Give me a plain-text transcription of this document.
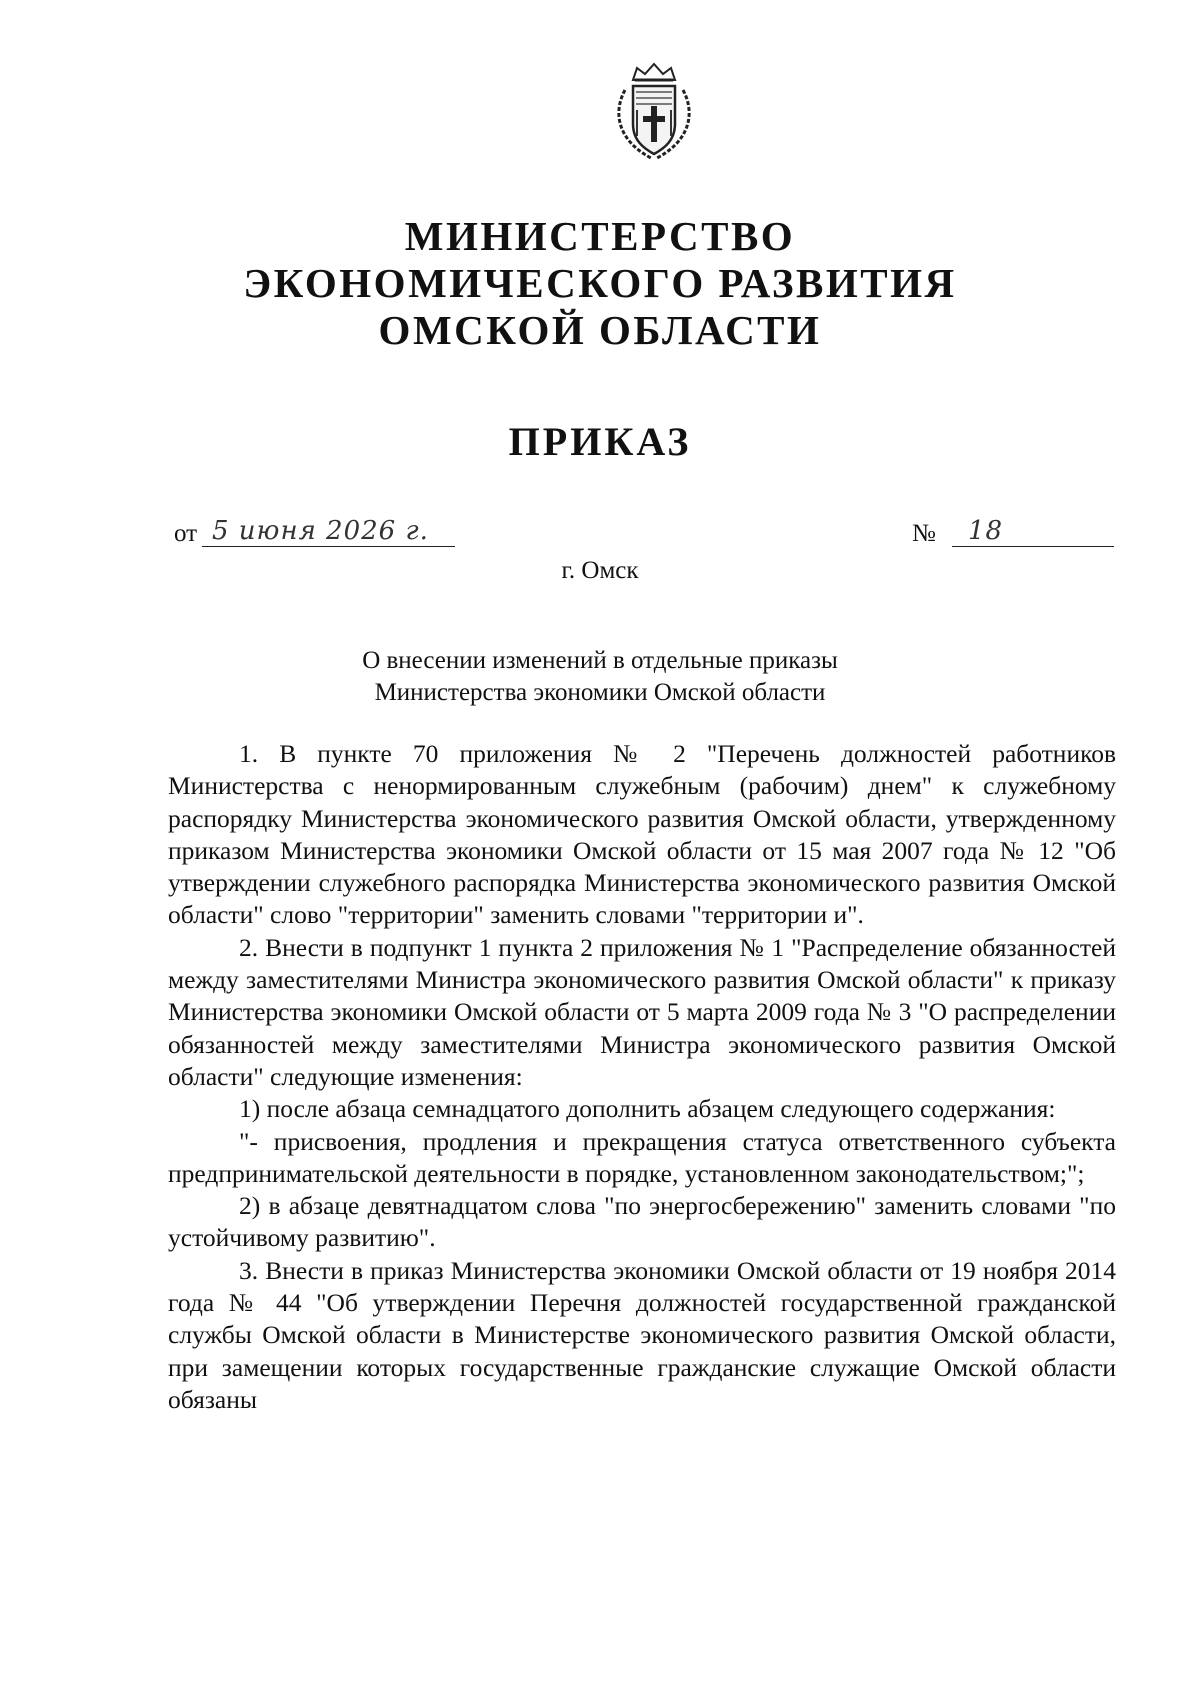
МИНИСТЕРСТВО
ЭКОНОМИЧЕСКОГО РАЗВИТИЯ
ОМСКОЙ ОБЛАСТИ
ПРИКАЗ
от 5 июня 2026 г.	№ 18
г. Омск
О внесении изменений в отдельные приказы
Министерства экономики Омской области

1. В пункте 70 приложения № 2 "Перечень должностей работников Министерства с ненормированным служебным (рабочим) днем" к служебному распорядку Министерства экономического развития Омской области, утвержденному приказом Министерства экономики Омской области от 15 мая 2007 года № 12 "Об утверждении служебного распорядка Министерства экономического развития Омской области" слово "территории" заменить словами "территории и".

2. Внести в подпункт 1 пункта 2 приложения № 1 "Распределение обязанностей между заместителями Министра экономического развития Омской области" к приказу Министерства экономики Омской области от 5 марта 2009 года № 3 "О распределении обязанностей между заместителями Министра экономического развития Омской области" следующие изменения:

1) после абзаца семнадцатого дополнить абзацем следующего содержания:

"- присвоения, продления и прекращения статуса ответственного субъекта предпринимательской деятельности в порядке, установленном законодательством;";

2) в абзаце девятнадцатом слова "по энергосбережению" заменить словами "по устойчивому развитию".

3. Внести в приказ Министерства экономики Омской области от 19 ноября 2014 года № 44 "Об утверждении Перечня должностей государственной гражданской службы Омской области в Министерстве экономического развития Омской области, при замещении которых государственные гражданские служащие Омской области обязаны
